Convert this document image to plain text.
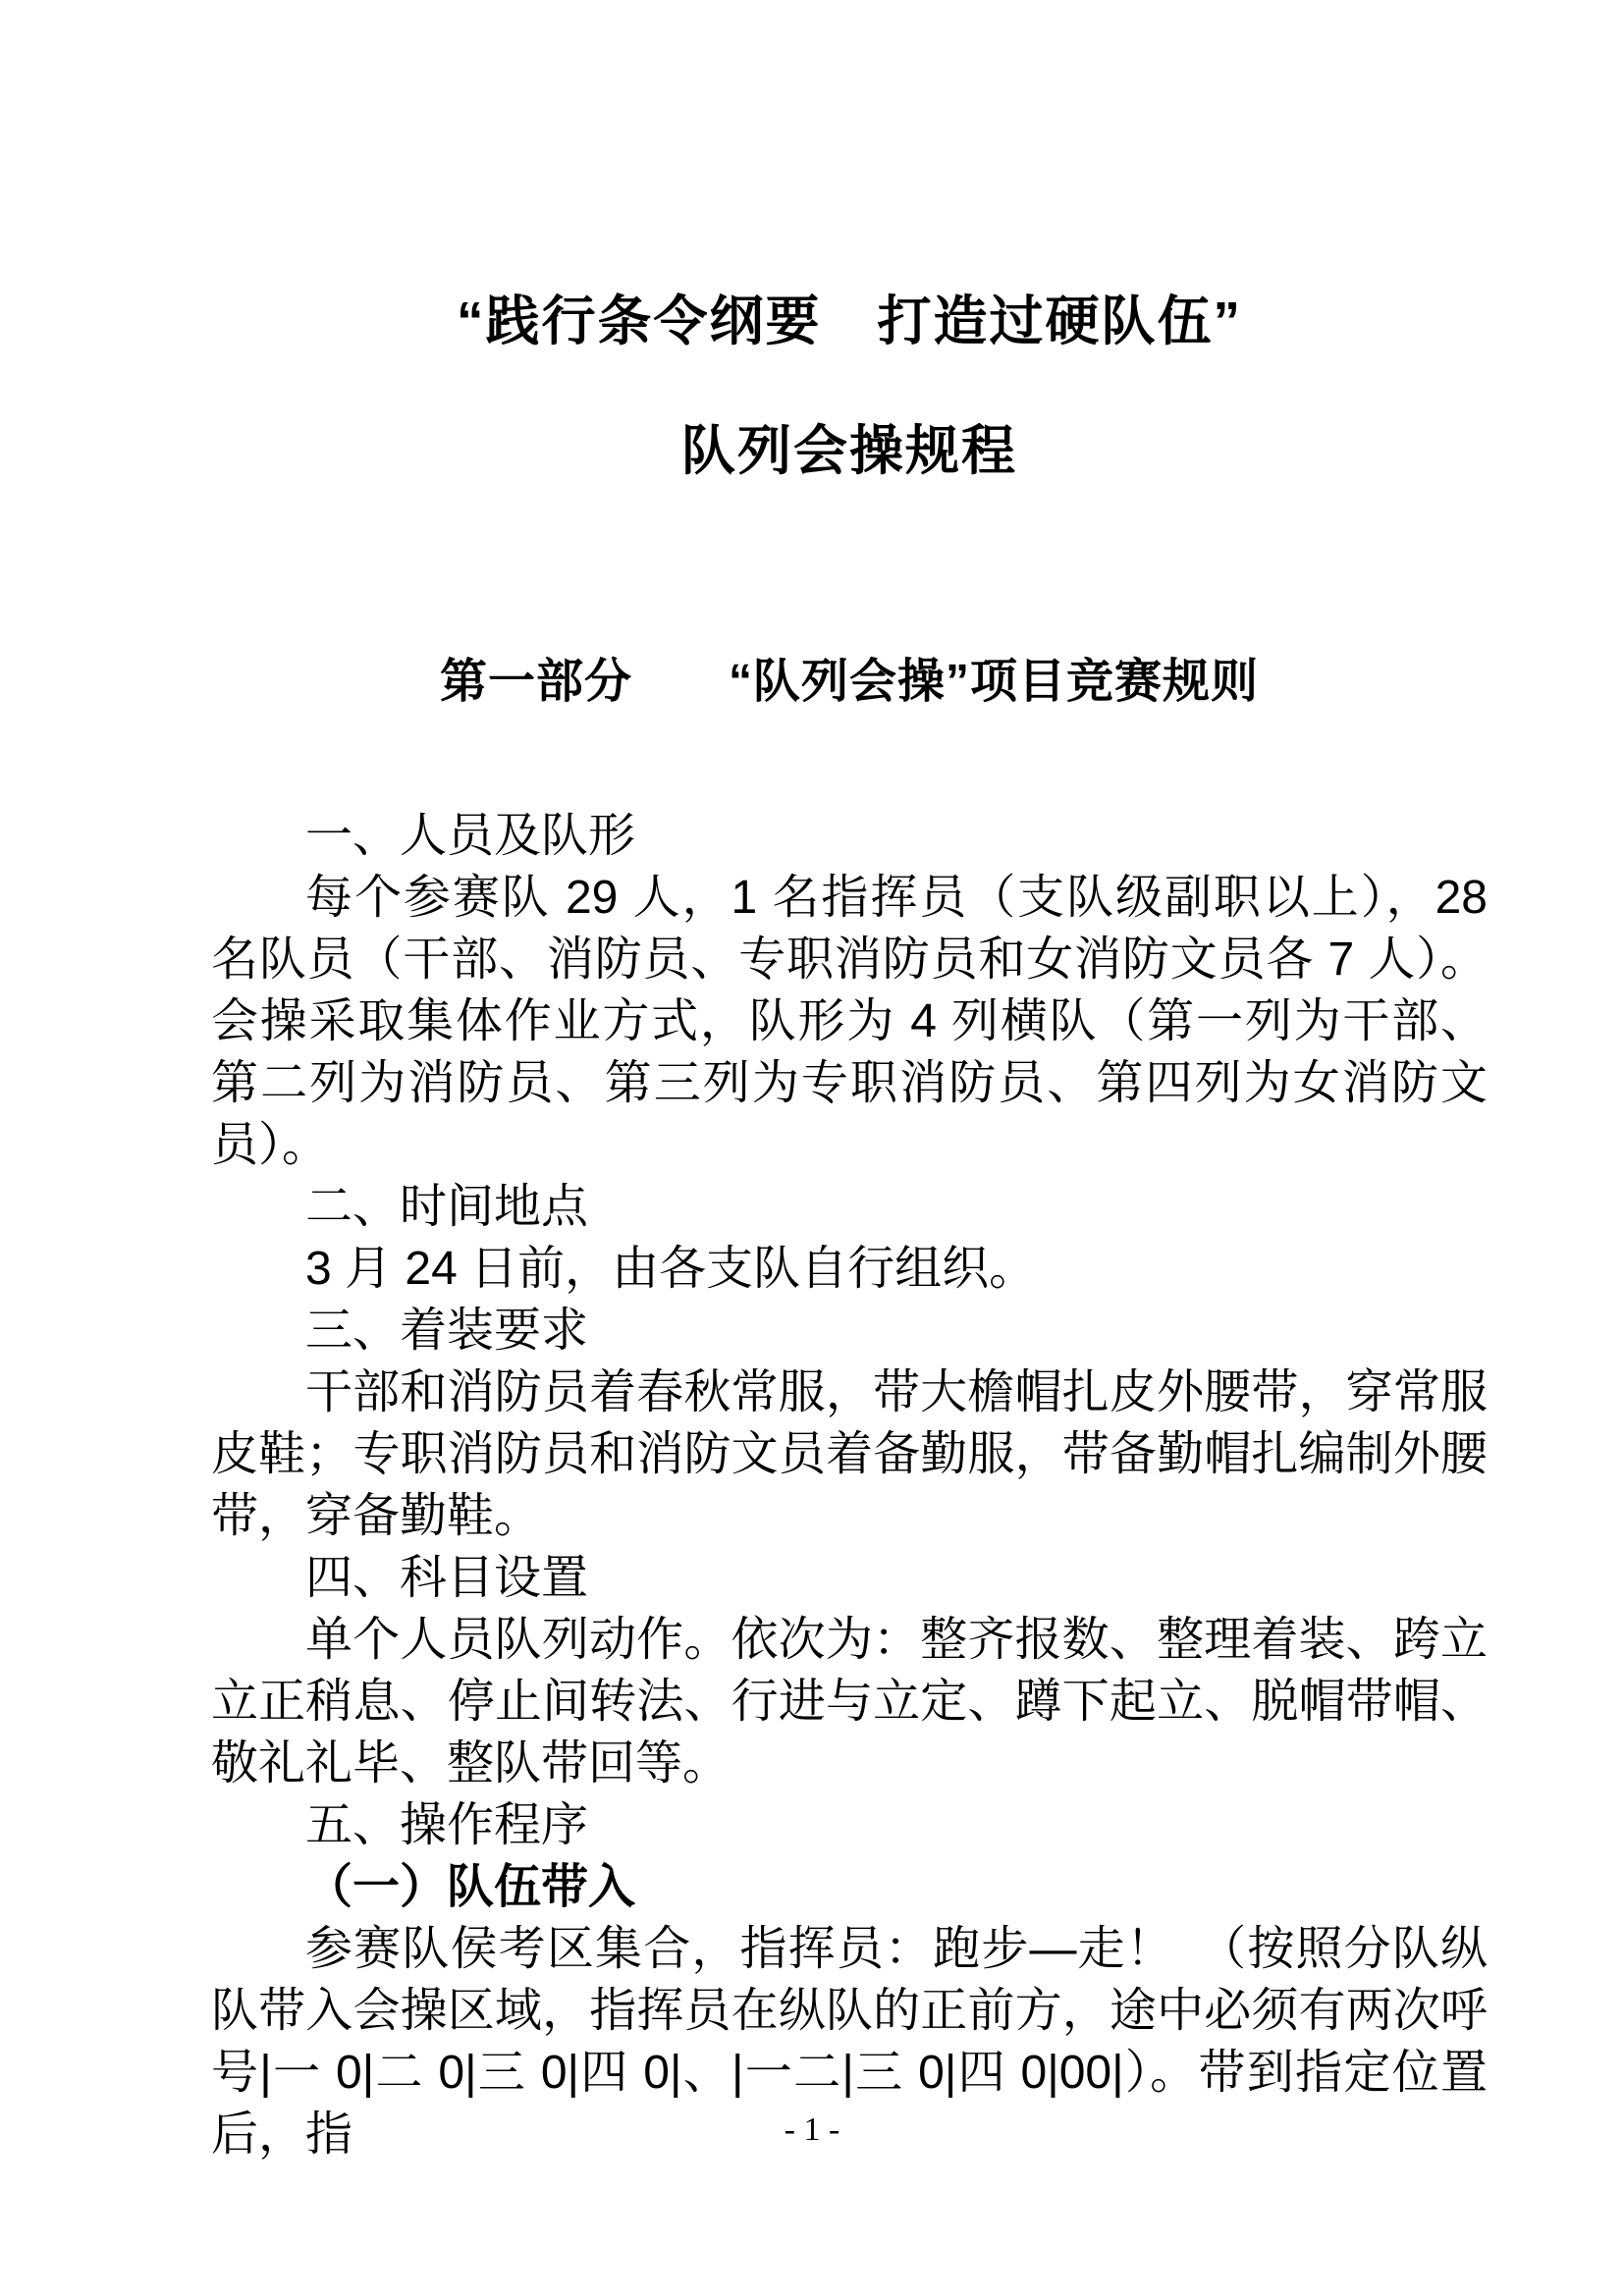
“践行条令纲要　打造过硬队伍”
队列会操规程
第一部分　　“队列会操”项目竞赛规则

一、人员及队形

每个参赛队 29 人，1 名指挥员（支队级副职以上），28 名队员（干部、消防员、专职消防员和女消防文员各 7 人）。会操采取集体作业方式，队形为 4 列横队（第一列为干部、第二列为消防员、第三列为专职消防员、第四列为女消防文员）。

二、时间地点

3 月 24 日前，由各支队自行组织。

三、着装要求

干部和消防员着春秋常服，带大檐帽扎皮外腰带，穿常服皮鞋；专职消防员和消防文员着备勤服，带备勤帽扎编制外腰带，穿备勤鞋。

四、科目设置

单个人员队列动作。依次为：整齐报数、整理着装、跨立立正稍息、停止间转法、行进与立定、蹲下起立、脱帽带帽、敬礼礼毕、整队带回等。

五、操作程序

（一）队伍带入

参赛队侯考区集合，指挥员：跑步—走！　（按照分队纵队带入会操区域，指挥员在纵队的正前方，途中必须有两次呼号|一 0|二 0|三 0|四 0|、|一二|三 0|四 0|00|）。带到指定位置后，指	- 1 -
